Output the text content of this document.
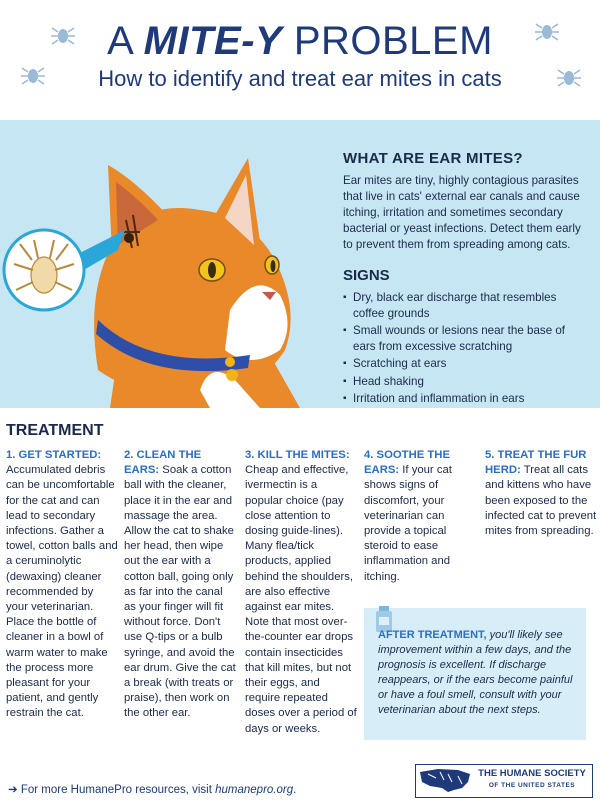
A MITE-Y PROBLEM
How to identify and treat ear mites in cats
WHAT ARE EAR MITES?

Ear mites are tiny, highly contagious parasites that live in cats' external ear canals and cause itching, irritation and sometimes secondary bacterial or yeast infections. Detect them early to prevent them from spreading among cats.

SIGNS
▪ Dry, black ear discharge that resembles coffee grounds
▪ Small wounds or lesions near the base of ears from excessive scratching
▪ Scratching at ears
▪ Head shaking
▪ Irritation and inflammation in ears
TREATMENT
1. GET STARTED: Accumulated debris can be uncomfortable for the cat and can lead to secondary infections. Gather a towel, cotton balls and a ceruminolytic (dewaxing) cleaner recommended by your veterinarian. Place the bottle of cleaner in a bowl of warm water to make the process more pleasant for your patient, and gently restrain the cat.
2. CLEAN THE EARS: Soak a cotton ball with the cleaner, place it in the ear and massage the area. Allow the cat to shake her head, then wipe out the ear with a cotton ball, going only as far into the canal as your finger will fit without force. Don't use Q-tips or a bulb syringe, and avoid the ear drum. Give the cat a break (with treats or praise), then work on the other ear.
3. KILL THE MITES: Cheap and effective, ivermectin is a popular choice (pay close attention to dosing guide-lines). Many flea/tick products, applied behind the shoulders, are also effective against ear mites. Note that most over-the-counter ear drops contain insecticides that kill mites, but not their eggs, and require repeated doses over a period of days or weeks.
4. SOOTHE THE EARS: If your cat shows signs of discomfort, your veterinarian can provide a topical steroid to ease inflammation and itching.
5. TREAT THE FUR HERD: Treat all cats and kittens who have been exposed to the infected cat to prevent mites from spreading.
AFTER TREATMENT, you'll likely see improvement within a few days, and the prognosis is excellent. If discharge reappears, or if the ears become painful or have a foul smell, consult with your veterinarian about the next steps.
➔ For more HumanePro resources, visit humanepro.org.
THE HUMANE SOCIETY
OF THE UNITED STATES
